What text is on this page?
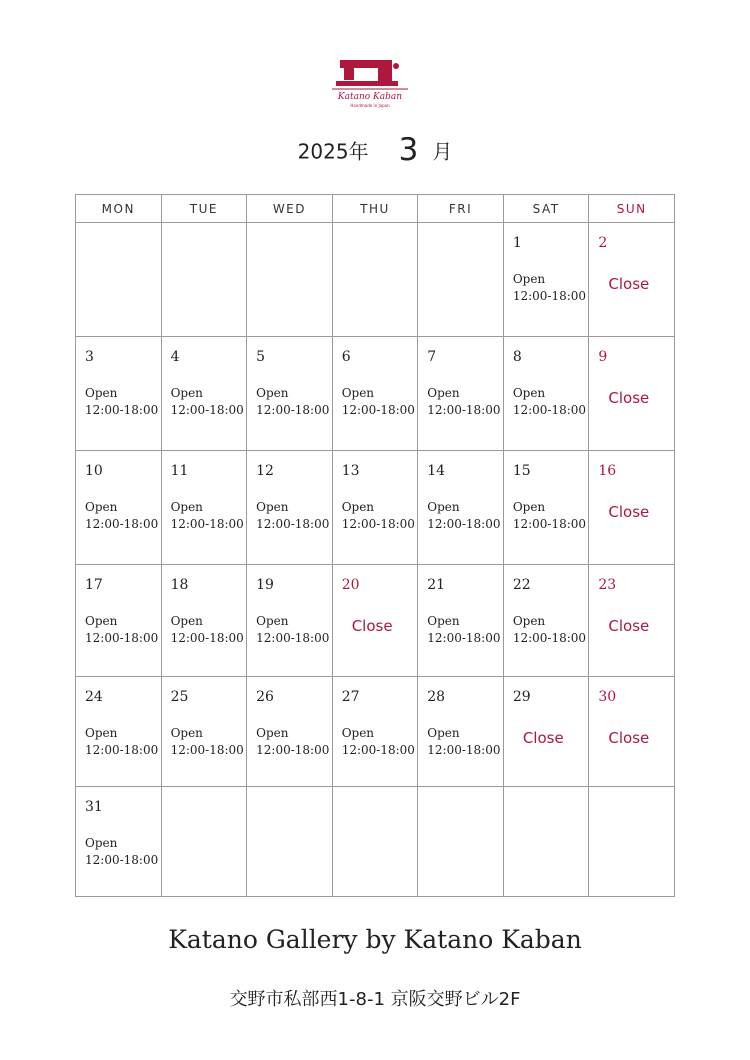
Katano Kaban
Handmade in Japan
2025年 3 月
MON	TUE	WED	THU	FRI	SAT	SUN

					1
Open
12:00-18:00	2
Close

3
Open
12:00-18:00	4
Open
12:00-18:00	5
Open
12:00-18:00	6
Open
12:00-18:00	7
Open
12:00-18:00	8
Open
12:00-18:00	9
Close

10
Open
12:00-18:00	11
Open
12:00-18:00	12
Open
12:00-18:00	13
Open
12:00-18:00	14
Open
12:00-18:00	15
Open
12:00-18:00	16
Close

17
Open
12:00-18:00	18
Open
12:00-18:00	19
Open
12:00-18:00	20
Close	21
Open
12:00-18:00	22
Open
12:00-18:00	23
Close

24
Open
12:00-18:00	25
Open
12:00-18:00	26
Open
12:00-18:00	27
Open
12:00-18:00	28
Open
12:00-18:00	29
Close	30
Close

31
Open
12:00-18:00						

Katano Gallery by Katano Kaban
交野市私部西1-8-1 京阪交野ビル2F
